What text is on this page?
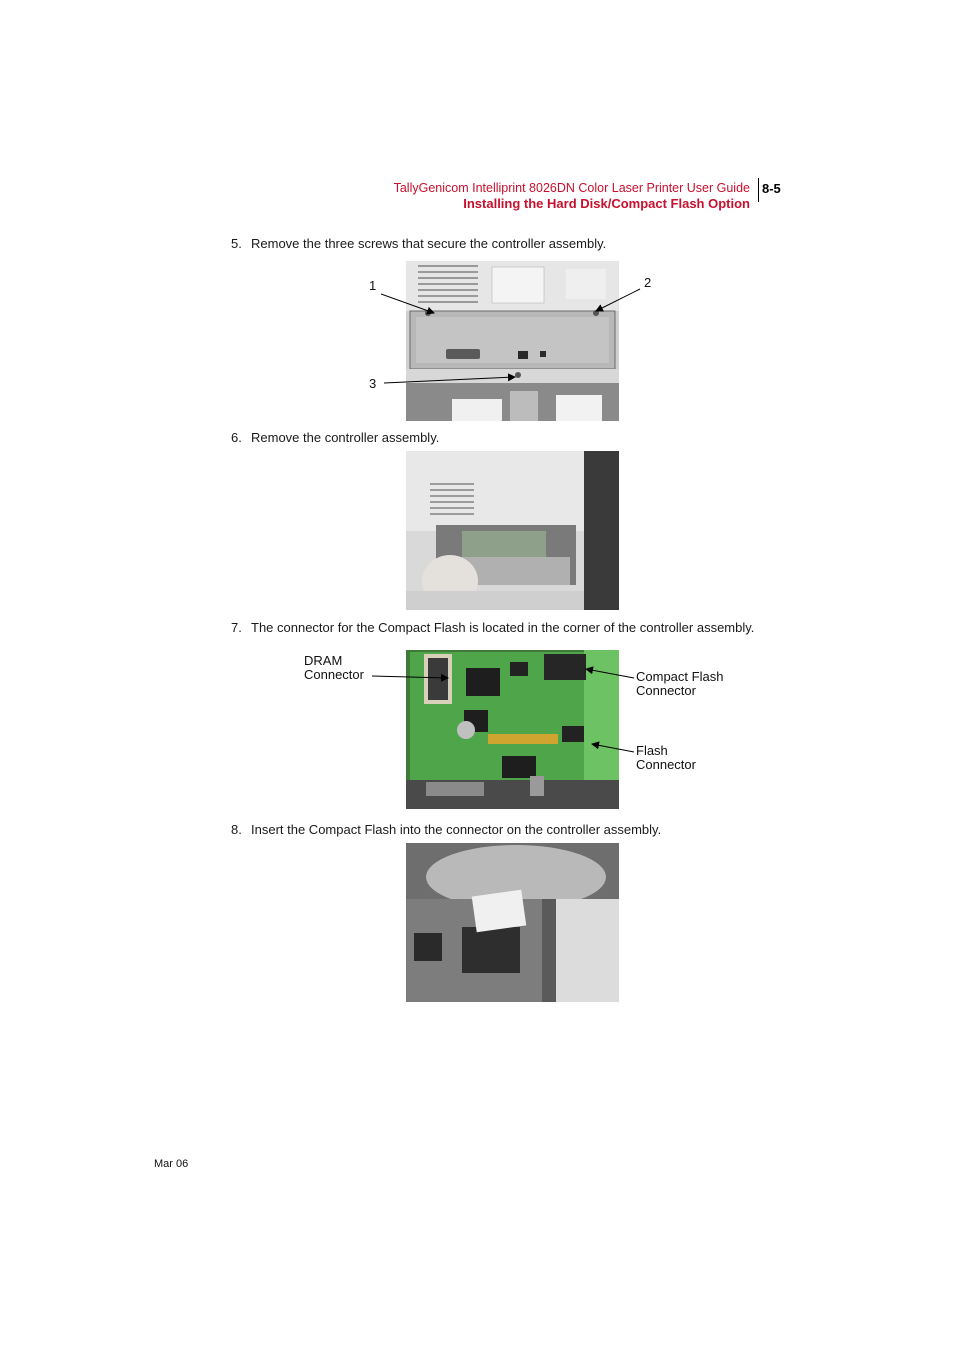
TallyGenicom Intelliprint 8026DN Color Laser Printer User Guide
Installing the Hard Disk/Compact Flash Option
8-5
5. Remove the three screws that secure the controller assembly.
1	2
3
6. Remove the controller assembly.
7. The connector for the Compact Flash is located in the corner of the controller assembly.
DRAM
Connector	Compact Flash
Connector
Flash
Connector
8. Insert the Compact Flash into the connector on the controller assembly.
Mar 06
